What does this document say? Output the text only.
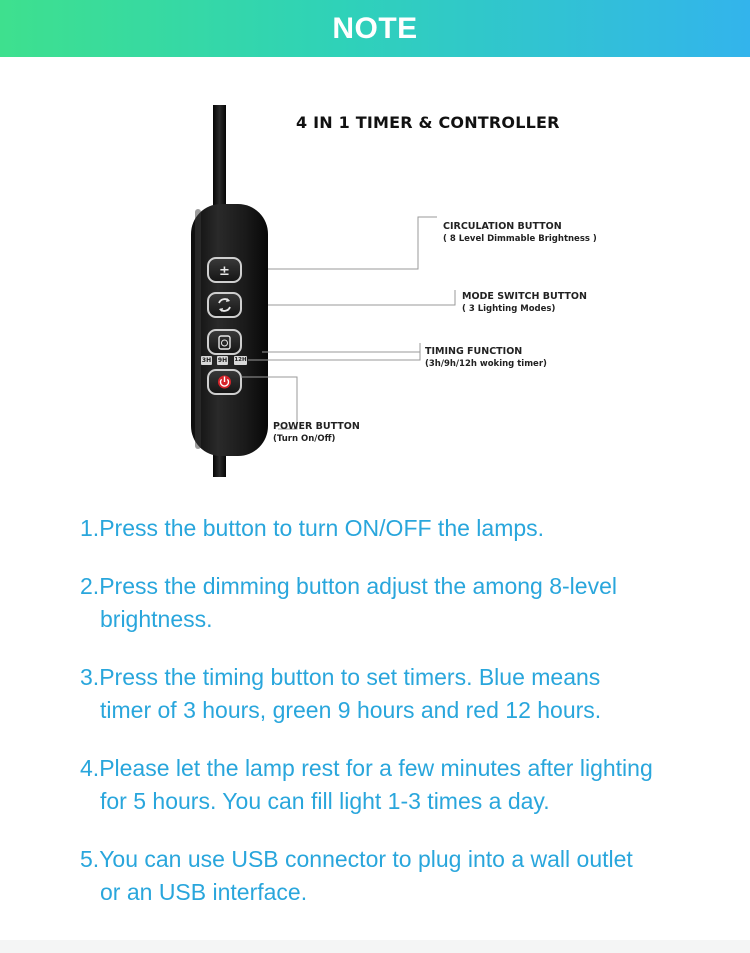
NOTE
±
4 IN 1 TIMER & CONTROLLER
CIRCULATION BUTTON
( 8 Level Dimmable Brightness )
MODE SWITCH BUTTON
( 3 Lighting Modes)
TIMING FUNCTION
(3h/9h/12h woking timer)
POWER BUTTON
(Turn On/Off)
3H 9H 12H
1.Press the button to turn ON/OFF the lamps.
2.Press the dimming button adjust the among 8-level
brightness.
3.Press the timing button to set timers. Blue means
timer of 3 hours, green 9 hours and red 12 hours.
4.Please let the lamp rest for a few minutes after lighting
for 5 hours. You can fill light 1-3 times a day.
5.You can use USB connector to plug into a wall outlet
or an USB interface.
